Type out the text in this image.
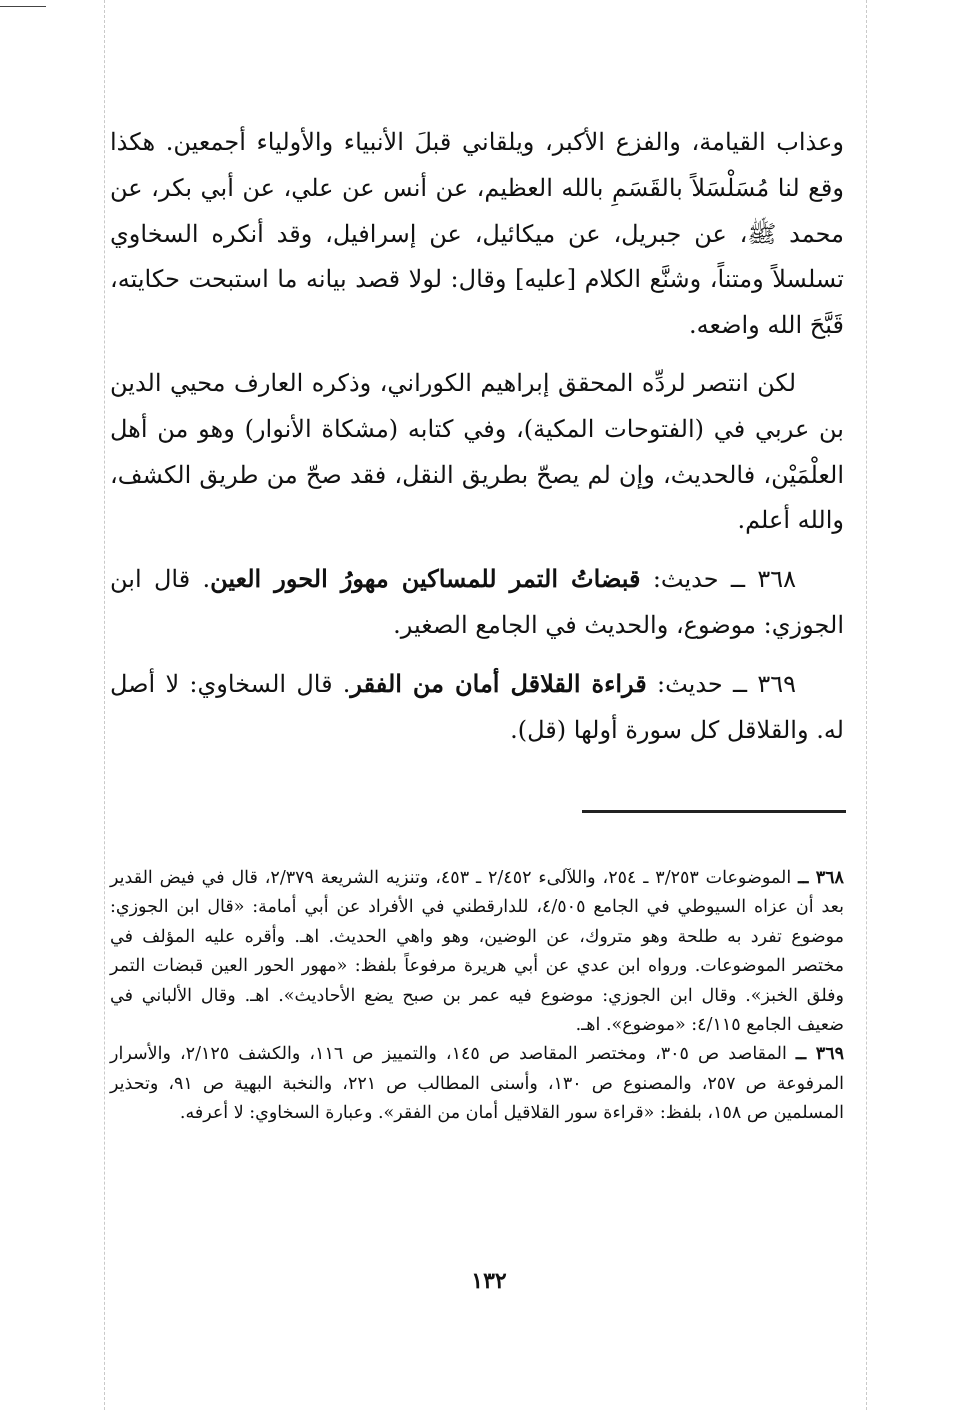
وعذاب القيامة، والفزع الأكبر، ويلقاني قبلَ الأنبياء والأولياء أجمعين. هكذا وقع لنا مُسَلْسَلاً بالقَسَمِ بالله العظيم، عن أنس عن علي، عن أبي بكر، عن محمد ﷺ، عن جبريل، عن ميكائيل، عن إسرافيل، وقد أنكره السخاوي تسلسلاً ومتناً، وشنَّع الكلام [عليه] وقال: لولا قصد بيانه ما استبحت حكايته، قَبَّحَ الله واضعه.

لكن انتصر لردِّه المحقق إبراهيم الكوراني، وذكره العارف محيي الدين بن عربي في (الفتوحات المكية)، وفي كتابه (مشكاة الأنوار) وهو من أهل العلْمَيْن، فالحديث، وإن لم يصحّ بطريق النقل، فقد صحّ من طريق الكشف، والله أعلم.

٣٦٨ ــ حديث: قبضاتُ التمر للمساكين مهورُ الحور العين. قال ابن الجوزي: موضوع، والحديث في الجامع الصغير.

٣٦٩ ــ حديث: قراءة القلاقل أمان من الفقر. قال السخاوي: لا أصل له. والقلاقل كل سورة أولها (قل).

٣٦٨ ــ الموضوعات ٣/٢٥٣ ـ ٢٥٤، واللآلىء ٢/٤٥٢ ـ ٤٥٣، وتنزيه الشريعة ٢/٣٧٩، قال في فيض القدير بعد أن عزاه السيوطي في الجامع ٤/٥٠٥، للدارقطني في الأفراد عن أبي أمامة: «قال ابن الجوزي: موضوع تفرد به طلحة وهو متروك، عن الوضين، وهو واهي الحديث. اهـ. وأقره عليه المؤلف في مختصر الموضوعات. ورواه ابن عدي عن أبي هريرة مرفوعاً بلفظ: «مهور الحور العين قبضات التمر وفلق الخبز». وقال ابن الجوزي: موضوع فيه عمر بن صبح يضع الأحاديث». اهـ. وقال الألباني في ضعيف الجامع ٤/١١٥: «موضوع». اهـ.

٣٦٩ ــ المقاصد ص ٣٠٥، ومختصر المقاصد ص ١٤٥، والتمييز ص ١١٦، والكشف ٢/١٢٥، والأسرار المرفوعة ص ٢٥٧، والمصنوع ص ١٣٠، وأسنى المطالب ص ٢٢١، والنخبة البهية ص ٩١، وتحذير المسلمين ص ١٥٨، بلفظ: «قراءة سور القلاقيل أمان من الفقر». وعبارة السخاوي: لا أعرفه.

١٣٢
